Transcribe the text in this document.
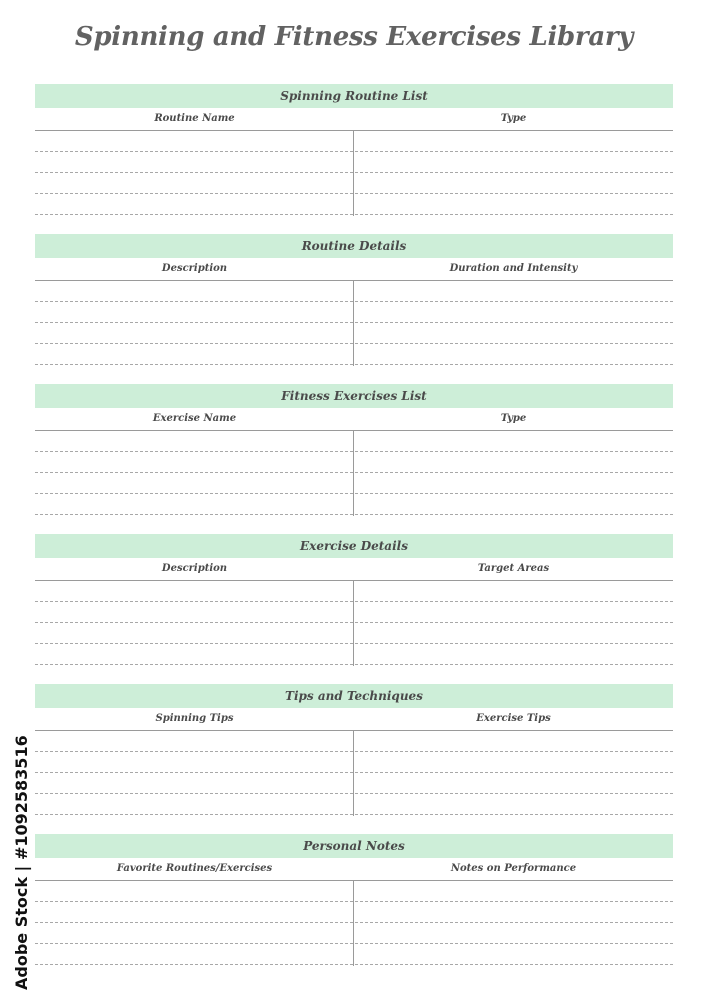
Spinning and Fitness Exercises Library
Spinning Routine List
Routine Name	Type
Routine Details
Description	Duration and Intensity
Fitness Exercises List
Exercise Name	Type
Exercise Details
Description	Target Areas
Tips and Techniques
Spinning Tips	Exercise Tips
Personal Notes
Favorite Routines/Exercises	Notes on Performance
Adobe Stock | #1092583516
